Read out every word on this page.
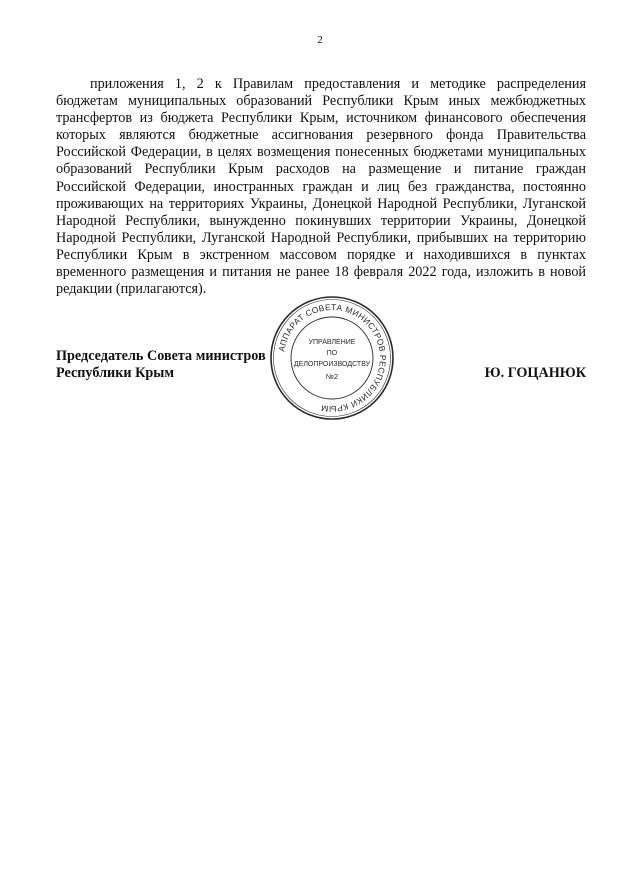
2

приложения 1, 2 к Правилам предоставления и методике распределения бюджетам муниципальных образований Республики Крым иных межбюджетных трансфертов из бюджета Республики Крым, источником финансового обеспечения которых являются бюджетные ассигнования резервного фонда Правительства Российской Федерации, в целях возмещения понесенных бюджетами муниципальных образований Республики Крым расходов на размещение и питание граждан Российской Федерации, иностранных граждан и лиц без гражданства, постоянно проживающих на территориях Украины, Донецкой Народной Республики, Луганской Народной Республики, вынужденно покинувших территории Украины, Донецкой Народной Республики, Луганской Народной Республики, прибывших на территорию Республики Крым в экстренном массовом порядке и находившихся в пунктах временного размещения и питания не ранее 18 февраля 2022 года, изложить в новой редакции (прилагаются).

Председатель Совета министров
Республики Крым	Ю. ГОЦАНЮК
АППАРАТ СОВЕТА МИНИСТРОВ РЕСПУБЛИКИ КРЫМ
УПРАВЛЕНИЕ
ПО
ДЕЛОПРОИЗВОДСТВУ
№2
